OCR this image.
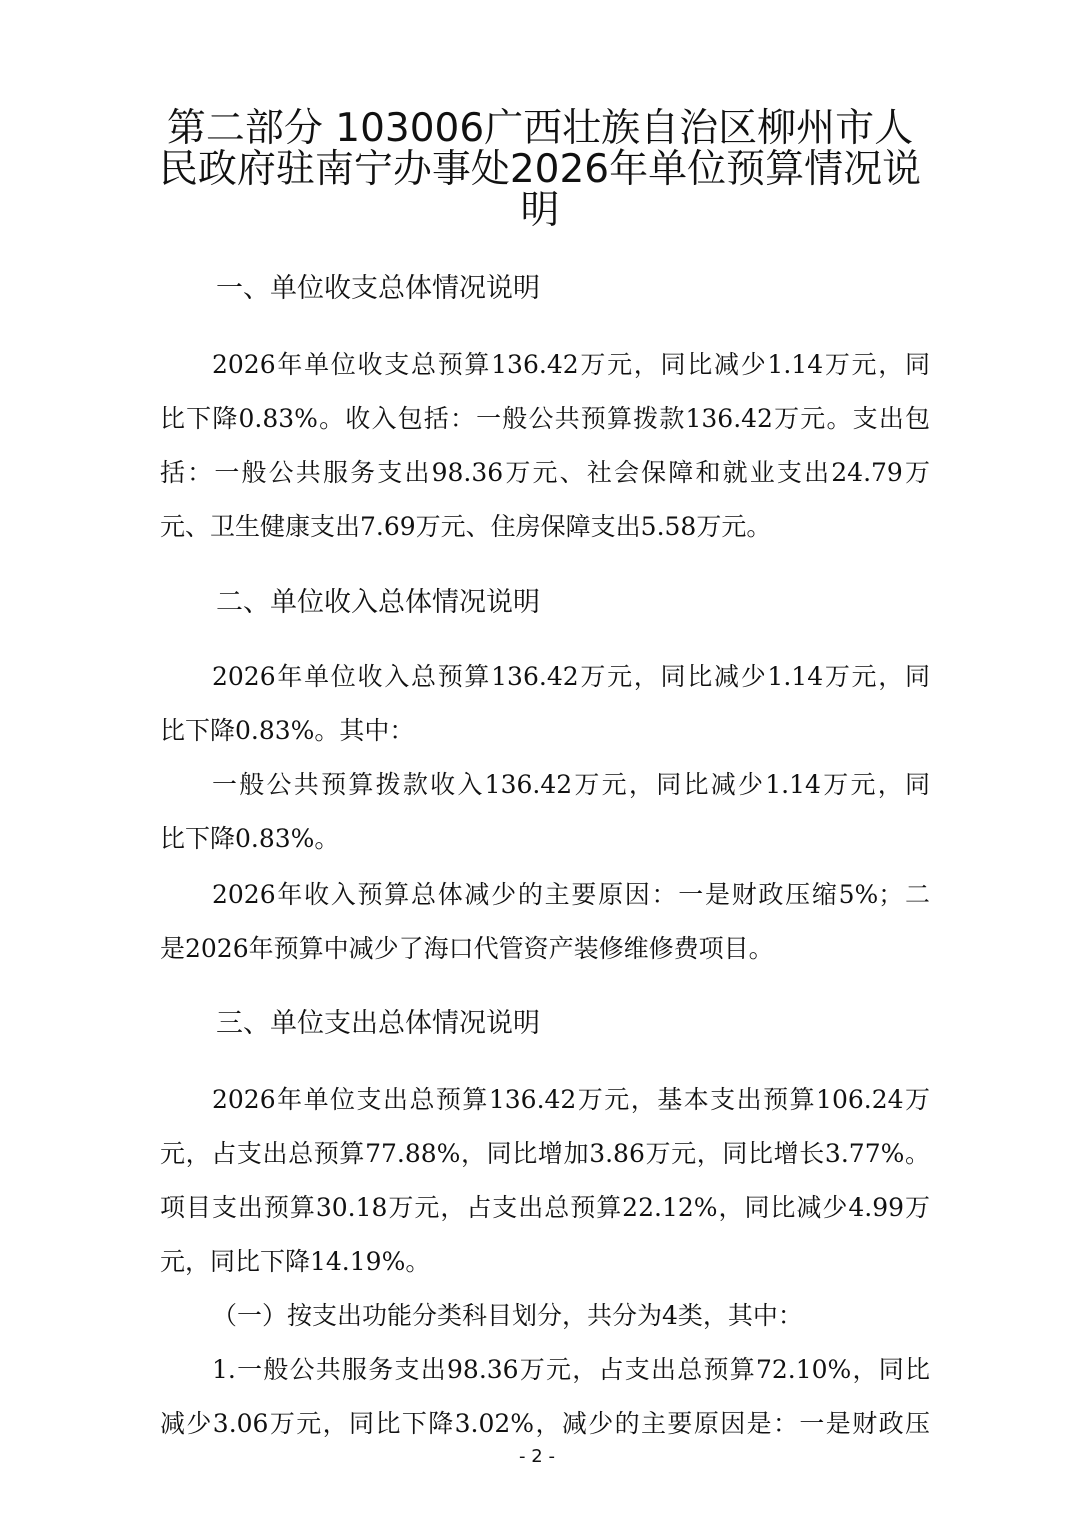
第二部分 103006广西壮族自治区柳州市人
民政府驻南宁办事处2026年单位预算情况说
明
一、单位收支总体情况说明
2026年单位收支总预算136.42万元，同比减少1.14万元，同
比下降0.83%。收入包括：一般公共预算拨款136.42万元。支出包
括：一般公共服务支出98.36万元、社会保障和就业支出24.79万
元、卫生健康支出7.69万元、住房保障支出5.58万元。
二、单位收入总体情况说明
2026年单位收入总预算136.42万元，同比减少1.14万元，同
比下降0.83%。其中：
一般公共预算拨款收入136.42万元，同比减少1.14万元，同
比下降0.83%。
2026年收入预算总体减少的主要原因：一是财政压缩5%；二
是2026年预算中减少了海口代管资产装修维修费项目。
三、单位支出总体情况说明
2026年单位支出总预算136.42万元，基本支出预算106.24万
元，占支出总预算77.88%，同比增加3.86万元，同比增长3.77%。
项目支出预算30.18万元，占支出总预算22.12%，同比减少4.99万
元，同比下降14.19%。
（一）按支出功能分类科目划分，共分为4类，其中：
1.一般公共服务支出98.36万元，占支出总预算72.10%，同比
减少3.06万元，同比下降3.02%，减少的主要原因是：一是财政压
- 2 -
